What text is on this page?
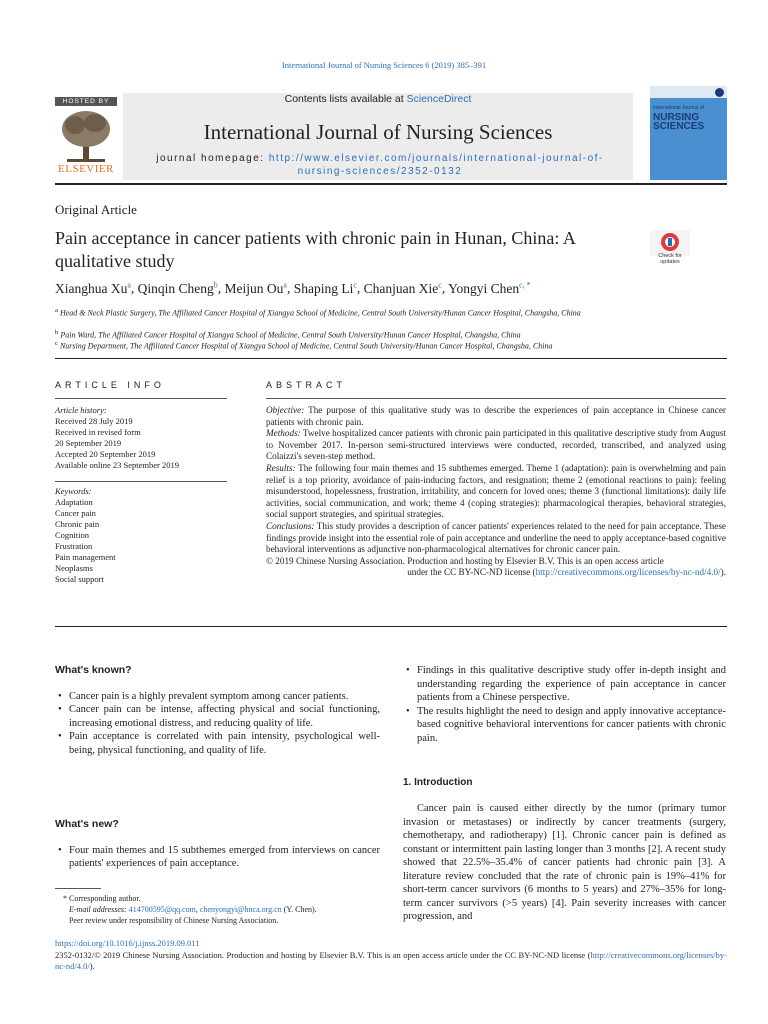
International Journal of Nursing Sciences 6 (2019) 385–391
HOSTED BY
ELSEVIER
Contents lists available at ScienceDirect
International Journal of Nursing Sciences
journal homepage: http://www.elsevier.com/journals/international-journal-of-
nursing-sciences/2352-0132
International Journal of
NURSING
SCIENCES
Original Article
Pain acceptance in cancer patients with chronic pain in Hunan, China: A qualitative study	Check for updates
Xianghua Xu$^a$, Qinqin Cheng$^b$, Meijun Ou$^a$, Shaping Li$^c$, Chanjuan Xie$^c$, Yongyi Chen$^{c, *}$
$^a$ Head & Neck Plastic Surgery, The Affiliated Cancer Hospital of Xiangya School of Medicine, Central South University/Hunan Cancer Hospital, Changsha, China
$^b$ Pain Ward, The Affiliated Cancer Hospital of Xiangya School of Medicine, Central South University/Hunan Cancer Hospital, Changsha, China
$^c$ Nursing Department, The Affiliated Cancer Hospital of Xiangya School of Medicine, Central South University/Hunan Cancer Hospital, Changsha, China
ARTICLE INFO
Article history:
Received 28 July 2019
Received in revised form
20 September 2019
Accepted 20 September 2019
Available online 23 September 2019
Keywords:
Adaptation
Cancer pain
Chronic pain
Cognition
Frustration
Pain management
Neoplasms
Social support
ABSTRACT
Objective: The purpose of this qualitative study was to describe the experiences of pain acceptance in Chinese cancer patients with chronic pain.
Methods: Twelve hospitalized cancer patients with chronic pain participated in this qualitative descriptive study from August to November 2017. In-person semi-structured interviews were conducted, recorded, transcribed, and analyzed using Colaizzi's seven-step method.
Results: The following four main themes and 15 subthemes emerged. Theme 1 (adaptation): pain is overwhelming and pain relief is a top priority, avoidance of pain-inducing factors, and resignation; theme 2 (emotional reactions to pain): feeling misunderstood, hopelessness, frustration, irritability, and concern for loved ones; theme 3 (functional limitations): daily life activities, social communication, and work; theme 4 (coping strategies): pharmacological therapies, behavioral strategies, social support strategies, and spiritual strategies.
Conclusions: This study provides a description of cancer patients' experiences related to the need for pain acceptance. These findings provide insight into the essential role of pain acceptance and underline the need to apply acceptance-based cognitive behavioral interventions as adjunctive non-pharmacological alternatives for chronic cancer pain.
© 2019 Chinese Nursing Association. Production and hosting by Elsevier B.V. This is an open access article
under the CC BY-NC-ND license (http://creativecommons.org/licenses/by-nc-nd/4.0/).
What's known?
• Cancer pain is a highly prevalent symptom among cancer patients.
• Cancer pain can be intense, affecting physical and social functioning, increasing emotional distress, and reducing quality of life.
• Pain acceptance is correlated with pain intensity, psychological well-being, physical functioning, and quality of life.
What's new?
• Four main themes and 15 subthemes emerged from interviews on cancer patients' experiences of pain acceptance.
* Corresponding author.
E-mail addresses: 414700595@qq.com, chenyongyi@hnca.org.cn (Y. Chen).
Peer review under responsibility of Chinese Nursing Association.
• Findings in this qualitative descriptive study offer in-depth insight and understanding regarding the experience of pain acceptance in cancer patients from a Chinese perspective.
• The results highlight the need to design and apply innovative acceptance-based cognitive behavioral interventions for cancer patients with chronic pain.
1. Introduction
Cancer pain is caused either directly by the tumor (primary tumor invasion or metastases) or indirectly by cancer treatments (surgery, chemotherapy, and radiotherapy) [1]. Chronic cancer pain is defined as constant or intermittent pain lasting longer than 3 months [2]. A recent study showed that 22.5%–35.4% of cancer patients had chronic pain [3]. A literature review concluded that the rate of chronic pain is 19%–41% for short-term cancer survivors (6 months to 5 years) and 27%–35% for long-term cancer survivors (>5 years) [4]. Pain severity increases with cancer progression, and
https://doi.org/10.1016/j.ijnss.2019.09.011
2352-0132/© 2019 Chinese Nursing Association. Production and hosting by Elsevier B.V. This is an open access article under the CC BY-NC-ND license (http://creativecommons.org/licenses/by-nc-nd/4.0/).
